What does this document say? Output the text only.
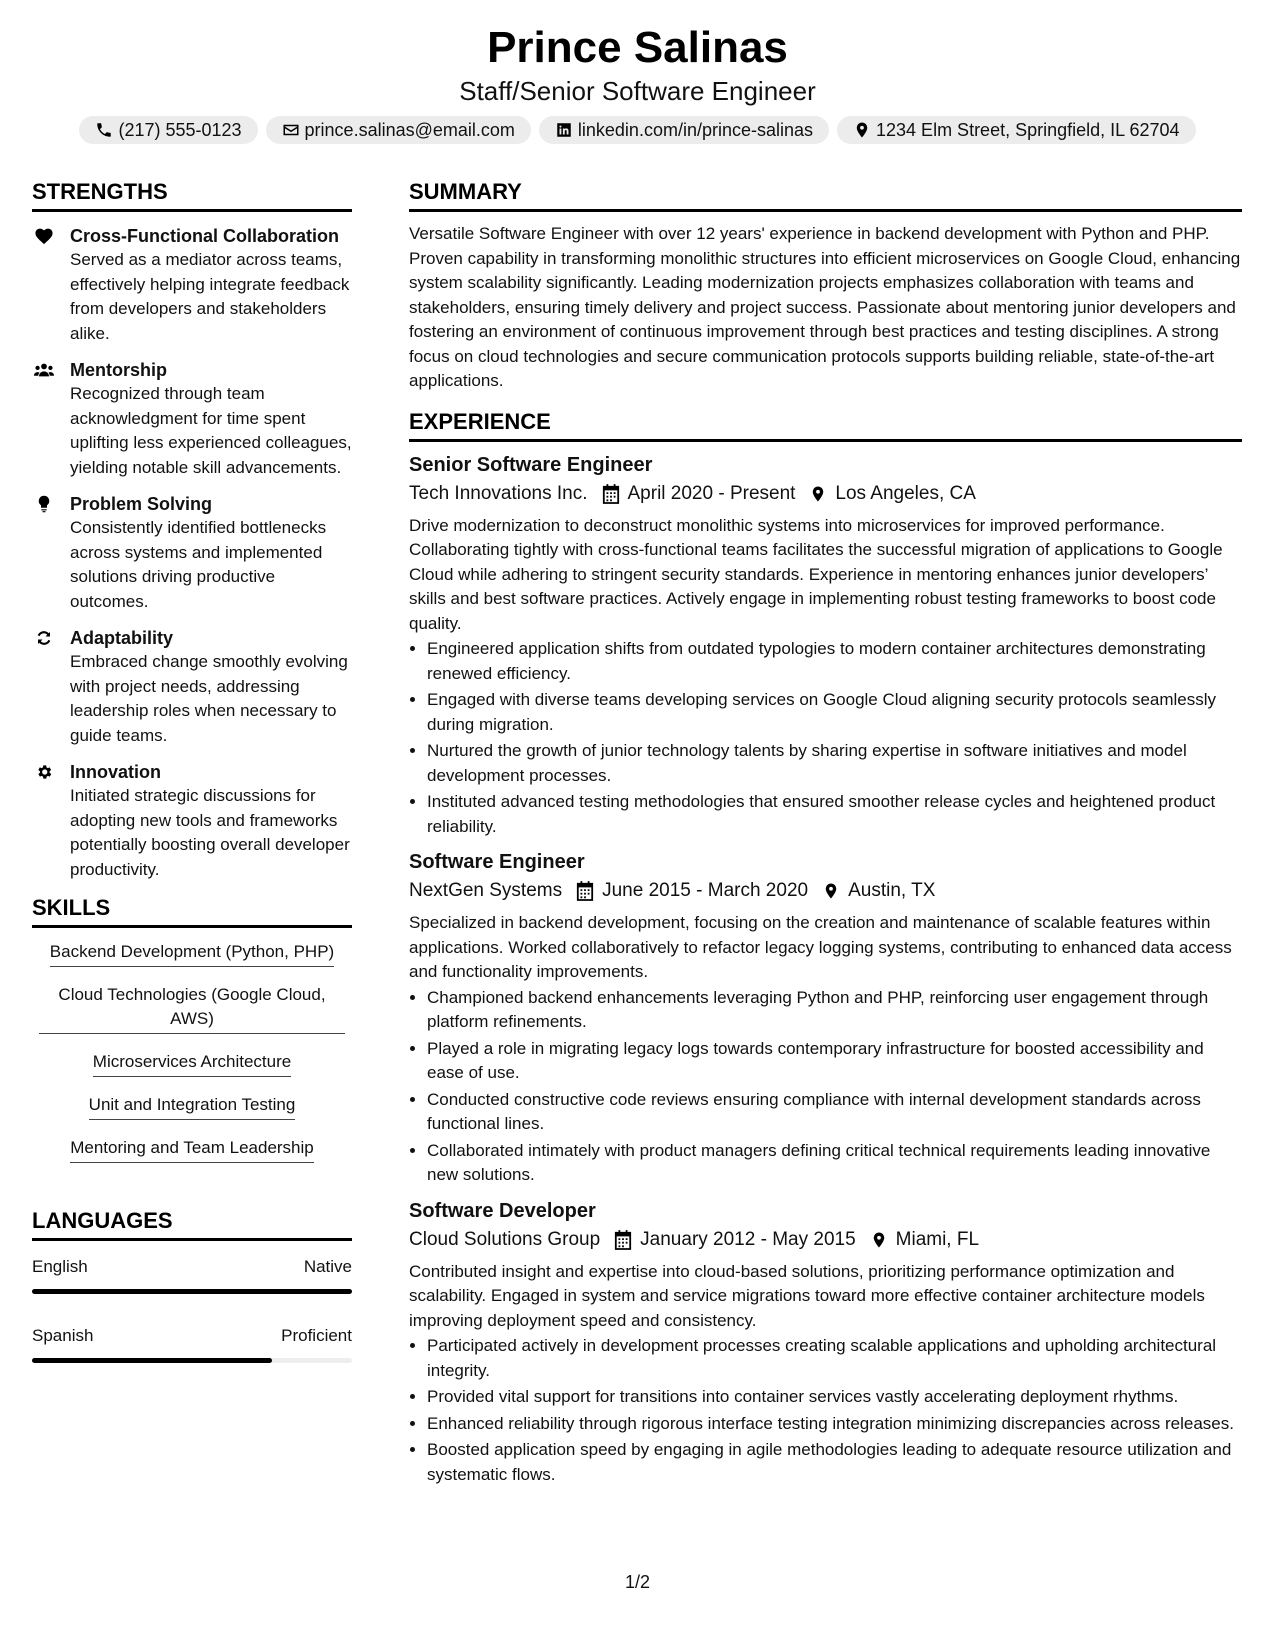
Prince Salinas
Staff/Senior Software Engineer
(217) 555-0123	prince.salinas@email.com	linkedin.com/in/prince-salinas	1234 Elm Street, Springfield, IL 62704
STRENGTHS
Cross-Functional Collaboration
Served as a mediator across teams, effectively helping integrate feedback from developers and stakeholders alike.
Mentorship
Recognized through team acknowledgment for time spent uplifting less experienced colleagues, yielding notable skill advancements.
Problem Solving
Consistently identified bottlenecks across systems and implemented solutions driving productive outcomes.
Adaptability
Embraced change smoothly evolving with project needs, addressing leadership roles when necessary to guide teams.
Innovation
Initiated strategic discussions for adopting new tools and frameworks potentially boosting overall developer productivity.
SKILLS
Backend Development (Python, PHP)
Cloud Technologies (Google Cloud, AWS)
Microservices Architecture
Unit and Integration Testing
Mentoring and Team Leadership
LANGUAGES
English	Native
Spanish	Proficient
SUMMARY
Versatile Software Engineer with over 12 years' experience in backend development with Python and PHP. Proven capability in transforming monolithic structures into efficient microservices on Google Cloud, enhancing system scalability significantly. Leading modernization projects emphasizes collaboration with teams and stakeholders, ensuring timely delivery and project success. Passionate about mentoring junior developers and fostering an environment of continuous improvement through best practices and testing disciplines. A strong focus on cloud technologies and secure communication protocols supports building reliable, state-of-the-art applications.
EXPERIENCE
Senior Software Engineer
Tech Innovations Inc. April 2020 - Present Los Angeles, CA
Drive modernization to deconstruct monolithic systems into microservices for improved performance. Collaborating tightly with cross-functional teams facilitates the successful migration of applications to Google Cloud while adhering to stringent security standards. Experience in mentoring enhances junior developers’ skills and best software practices. Actively engage in implementing robust testing frameworks to boost code quality.
• Engineered application shifts from outdated typologies to modern container architectures demonstrating renewed efficiency.
• Engaged with diverse teams developing services on Google Cloud aligning security protocols seamlessly during migration.
• Nurtured the growth of junior technology talents by sharing expertise in software initiatives and model development processes.
• Instituted advanced testing methodologies that ensured smoother release cycles and heightened product reliability.
Software Engineer
NextGen Systems June 2015 - March 2020 Austin, TX
Specialized in backend development, focusing on the creation and maintenance of scalable features within applications. Worked collaboratively to refactor legacy logging systems, contributing to enhanced data access and functionality improvements.
• Championed backend enhancements leveraging Python and PHP, reinforcing user engagement through platform refinements.
• Played a role in migrating legacy logs towards contemporary infrastructure for boosted accessibility and ease of use.
• Conducted constructive code reviews ensuring compliance with internal development standards across functional lines.
• Collaborated intimately with product managers defining critical technical requirements leading innovative new solutions.
Software Developer
Cloud Solutions Group January 2012 - May 2015 Miami, FL
Contributed insight and expertise into cloud-based solutions, prioritizing performance optimization and scalability. Engaged in system and service migrations toward more effective container architecture models improving deployment speed and consistency.
• Participated actively in development processes creating scalable applications and upholding architectural integrity.
• Provided vital support for transitions into container services vastly accelerating deployment rhythms.
• Enhanced reliability through rigorous interface testing integration minimizing discrepancies across releases.
• Boosted application speed by engaging in agile methodologies leading to adequate resource utilization and systematic flows.
1/2
